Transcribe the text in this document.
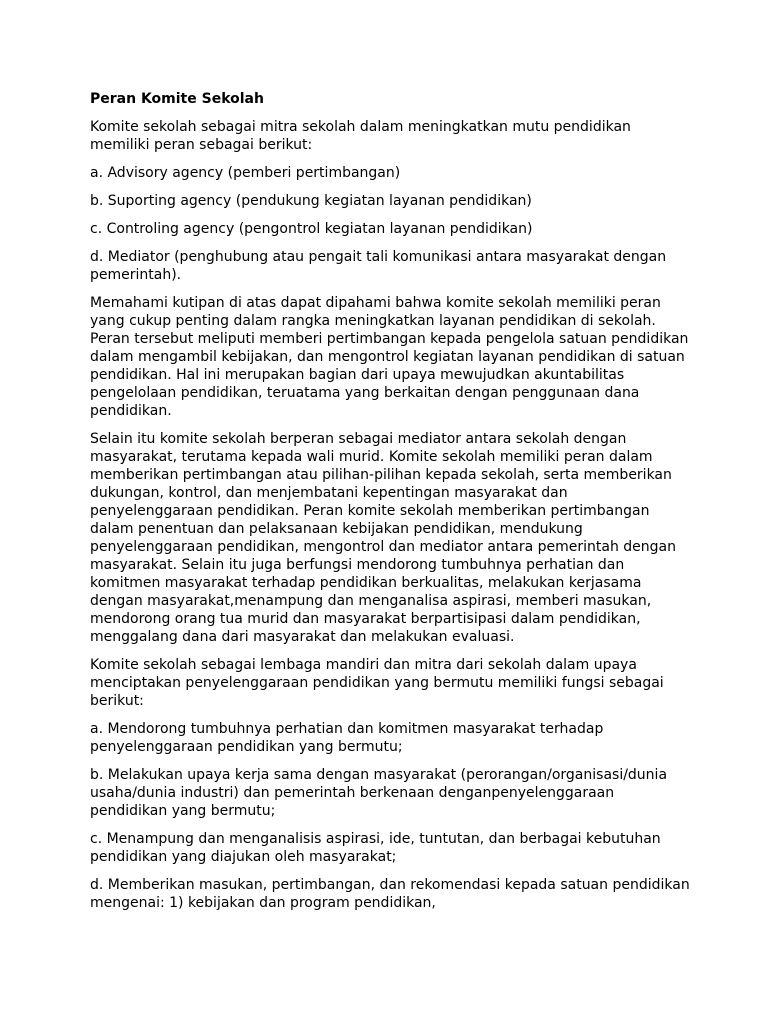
Peran Komite Sekolah
Komite sekolah sebagai mitra sekolah dalam meningkatkan mutu pendidikan memiliki peran sebagai berikut:
a. Advisory agency (pemberi pertimbangan)
b. Suporting agency (pendukung kegiatan layanan pendidikan)
c. Controling agency (pengontrol kegiatan layanan pendidikan)
d. Mediator (penghubung atau pengait tali komunikasi antara masyarakat dengan pemerintah).
Memahami kutipan di atas dapat dipahami bahwa komite sekolah memiliki peran yang cukup penting dalam rangka meningkatkan layanan pendidikan di sekolah. Peran tersebut meliputi memberi pertimbangan kepada pengelola satuan pendidikan dalam mengambil kebijakan, dan mengontrol kegiatan layanan pendidikan di satuan pendidikan. Hal ini merupakan bagian dari upaya mewujudkan akuntabilitas pengelolaan pendidikan, teruatama yang berkaitan dengan penggunaan dana pendidikan.
Selain itu komite sekolah berperan sebagai mediator antara sekolah dengan masyarakat, terutama kepada wali murid. Komite sekolah memiliki peran dalam memberikan pertimbangan atau pilihan-pilihan kepada sekolah, serta memberikan dukungan, kontrol, dan menjembatani kepentingan masyarakat dan penyelenggaraan pendidikan. Peran komite sekolah memberikan pertimbangan dalam penentuan dan pelaksanaan kebijakan pendidikan, mendukung penyelenggaraan pendidikan, mengontrol dan mediator antara pemerintah dengan masyarakat. Selain itu juga berfungsi mendorong tumbuhnya perhatian dan komitmen masyarakat terhadap pendidikan berkualitas, melakukan kerjasama dengan masyarakat,menampung dan menganalisa aspirasi, memberi masukan, mendorong orang tua murid dan masyarakat berpartisipasi dalam pendidikan, menggalang dana dari masyarakat dan melakukan evaluasi.
Komite sekolah sebagai lembaga mandiri dan mitra dari sekolah dalam upaya menciptakan penyelenggaraan pendidikan yang bermutu memiliki fungsi sebagai berikut:
a. Mendorong tumbuhnya perhatian dan komitmen masyarakat terhadap penyelenggaraan pendidikan yang bermutu;
b. Melakukan upaya kerja sama dengan masyarakat (perorangan/organisasi/dunia usaha/dunia industri) dan pemerintah berkenaan denganpenyelenggaraan pendidikan yang bermutu;
c. Menampung dan menganalisis aspirasi, ide, tuntutan, dan berbagai kebutuhan pendidikan yang diajukan oleh masyarakat;
d. Memberikan masukan, pertimbangan, dan rekomendasi kepada satuan pendidikan mengenai: 1) kebijakan dan program pendidikan,
